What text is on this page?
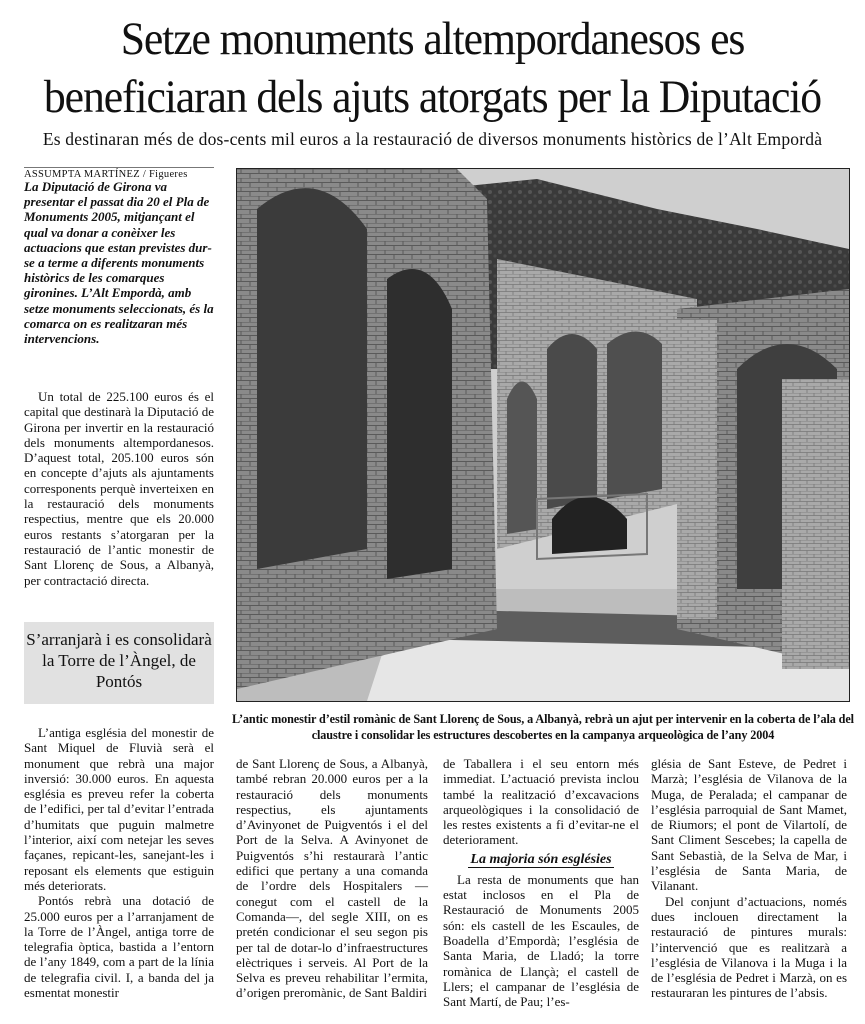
Setze monuments altempordanesos es
beneficiaran dels ajuts atorgats per la Diputació
Es destinaran més de dos-cents mil euros a la restauració de diversos monuments històrics de l’Alt Empordà
ASSUMPTA MARTÍNEZ / Figueres
La Diputació de Girona va presentar el passat dia 20 el Pla de Monuments 2005, mitjançant el qual va donar a conèixer les actuacions que estan previstes dur-se a terme a diferents monuments històrics de les comarques gironines. L’Alt Empordà, amb setze monuments seleccionats, és la comarca on es realitzaran més intervencions.

Un total de 225.100 euros és el capital que destinarà la Diputació de Girona per invertir en la restauració dels monuments altempordanesos. D’aquest total, 205.100 euros són en concepte d’ajuts als ajuntaments corresponents perquè inverteixen en la restauració dels monuments respectius, mentre que els 20.000 euros restants s’atorgaran per la restauració de l’antic monestir de Sant Llorenç de Sous, a Albanyà, per contractació directa.

S’arranjarà i es consolidarà la Torre de l’Àngel, de Pontós
L’antic monestir d’estil romànic de Sant Llorenç de Sous, a Albanyà, rebrà un ajut per intervenir en la coberta de l’ala del claustre i consolidar les estructures descobertes en la campanya arqueològica de l’any 2004

L’antiga església del monestir de Sant Miquel de Fluvià serà el monument que rebrà una major inversió: 30.000 euros. En aquesta església es preveu refer la coberta de l’edifici, per tal d’evitar l’entrada d’humitats que puguin malmetre l’interior, així com netejar les seves façanes, repicant-les, sanejant-les i reposant els elements que estiguin més deteriorats.

Pontós rebrà una dotació de 25.000 euros per a l’arranjament de la Torre de l’Àngel, antiga torre de telegrafia òptica, bastida a l’entorn de l’any 1849, com a part de la línia de telegrafia civil. I, a banda del ja esmentat monestir

de Sant Llorenç de Sous, a Albanyà, també rebran 20.000 euros per a la restauració dels monuments respectius, els ajuntaments d’Avinyonet de Puigventós i el del Port de la Selva. A Avinyonet de Puigventós s’hi restaurarà l’antic edifici que pertany a una comanda de l’ordre dels Hospitalers —conegut com el castell de la Comanda—, del segle XIII, on es pretén condicionar el seu segon pis per tal de dotar-lo d’infraestructures elèctriques i serveis. Al Port de la Selva es preveu rehabilitar l’ermita, d’origen preromànic, de Sant Baldiri

de Taballera i el seu entorn més immediat. L’actuació prevista inclou també la realització d’excavacions arqueològiques i la consolidació de les restes existents a fi d’evitar-ne el deteriorament.

La majoria són esglésies

La resta de monuments que han estat inclosos en el Pla de Restauració de Monuments 2005 són: els castell de les Escaules, de Boadella d’Empordà; l’església de Santa Maria, de Lladó; la torre romànica de Llançà; el castell de Llers; el campanar de l’església de Sant Martí, de Pau; l’es-

glésia de Sant Esteve, de Pedret i Marzà; l’església de Vilanova de la Muga, de Peralada; el campanar de l’església parroquial de Sant Mamet, de Riumors; el pont de Vilartolí, de Sant Climent Sescebes; la capella de Sant Sebastià, de la Selva de Mar, i l’església de Santa Maria, de Vilanant.

Del conjunt d’actuacions, només dues inclouen directament la restauració de pintures murals: l’intervenció que es realitzarà a l’església de Vilanova i la Muga i la de l’església de Pedret i Marzà, on es restauraran les pintures de l’absis.
